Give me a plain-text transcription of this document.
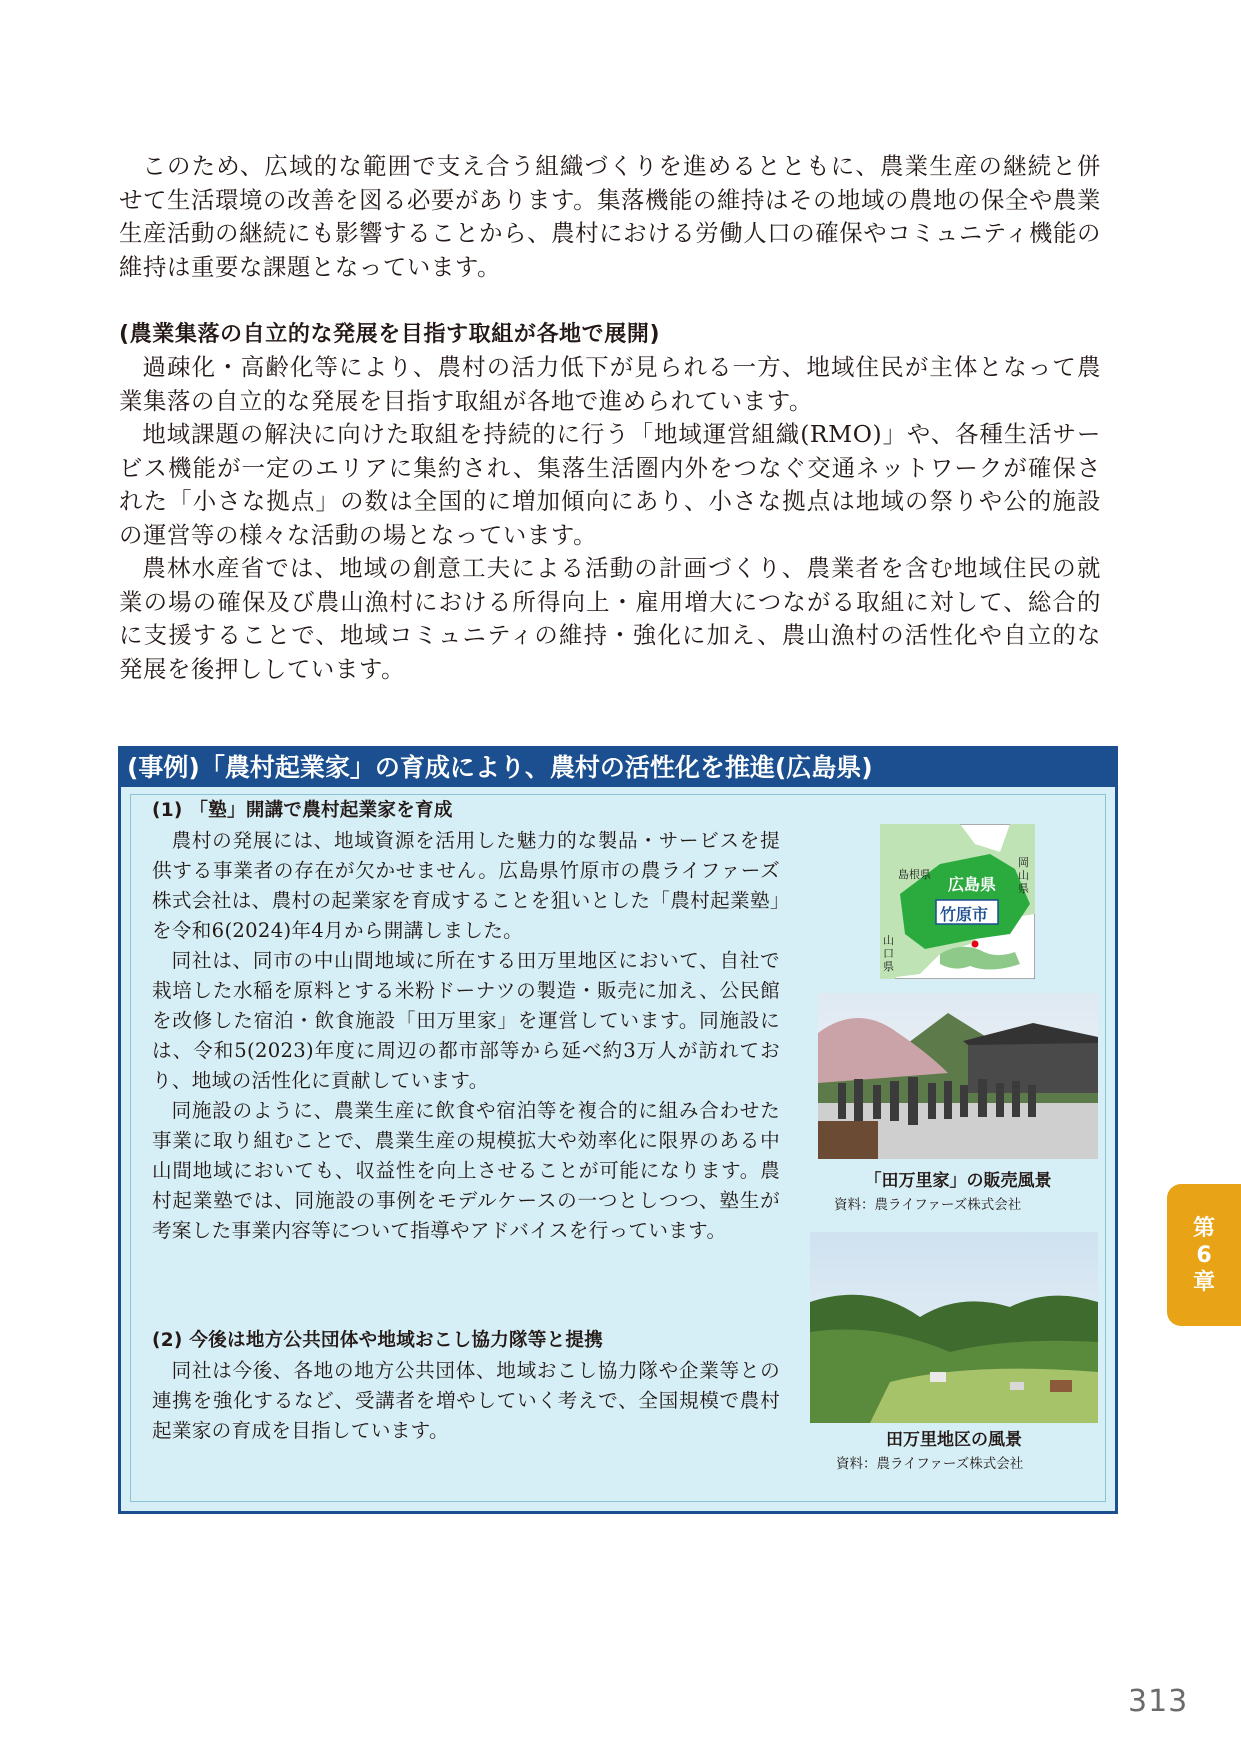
このため、広域的な範囲で支え合う組織づくりを進めるとともに、農業生産の継続と併せて生活環境の改善を図る必要があります。集落機能の維持はその地域の農地の保全や農業生産活動の継続にも影響することから、農村における労働人口の確保やコミュニティ機能の維持は重要な課題となっています。

(農業集落の自立的な発展を目指す取組が各地で展開)

過疎化・高齢化等により、農村の活力低下が見られる一方、地域住民が主体となって農業集落の自立的な発展を目指す取組が各地で進められています。

地域課題の解決に向けた取組を持続的に行う「地域運営組織(RMO)」や、各種生活サービス機能が一定のエリアに集約され、集落生活圏内外をつなぐ交通ネットワークが確保された「小さな拠点」の数は全国的に増加傾向にあり、小さな拠点は地域の祭りや公的施設の運営等の様々な活動の場となっています。

農林水産省では、地域の創意工夫による活動の計画づくり、農業者を含む地域住民の就業の場の確保及び農山漁村における所得向上・雇用増大につながる取組に対して、総合的に支援することで、地域コミュニティの維持・強化に加え、農山漁村の活性化や自立的な発展を後押ししています。

(事例)「農村起業家」の育成により、農村の活性化を推進(広島県)
(1) 「塾」開講で農村起業家を育成

農村の発展には、地域資源を活用した魅力的な製品・サービスを提供する事業者の存在が欠かせません。広島県竹原市の農ライファーズ株式会社は、農村の起業家を育成することを狙いとした「農村起業塾」を令和6(2024)年4月から開講しました。

同社は、同市の中山間地域に所在する田万里地区において、自社で栽培した水稲を原料とする米粉ドーナツの製造・販売に加え、公民館を改修した宿泊・飲食施設「田万里家」を運営しています。同施設には、令和5(2023)年度に周辺の都市部等から延べ約3万人が訪れており、地域の活性化に貢献しています。

同施設のように、農業生産に飲食や宿泊等を複合的に組み合わせた事業に取り組むことで、農業生産の規模拡大や効率化に限界のある中山間地域においても、収益性を向上させることが可能になります。農村起業塾では、同施設の事例をモデルケースの一つとしつつ、塾生が考案した事業内容等について指導やアドバイスを行っています。

(2) 今後は地方公共団体や地域おこし協力隊等と提携

同社は今後、各地の地方公共団体、地域おこし協力隊や企業等との連携を強化するなど、受講者を増やしていく考えで、全国規模で農村起業家の育成を目指しています。

島根県
広島県
竹原市
岡山県
山口県
「田万里家」の販売風景
資料：農ライファーズ株式会社
田万里地区の風景
資料：農ライファーズ株式会社
第
6
章
313
